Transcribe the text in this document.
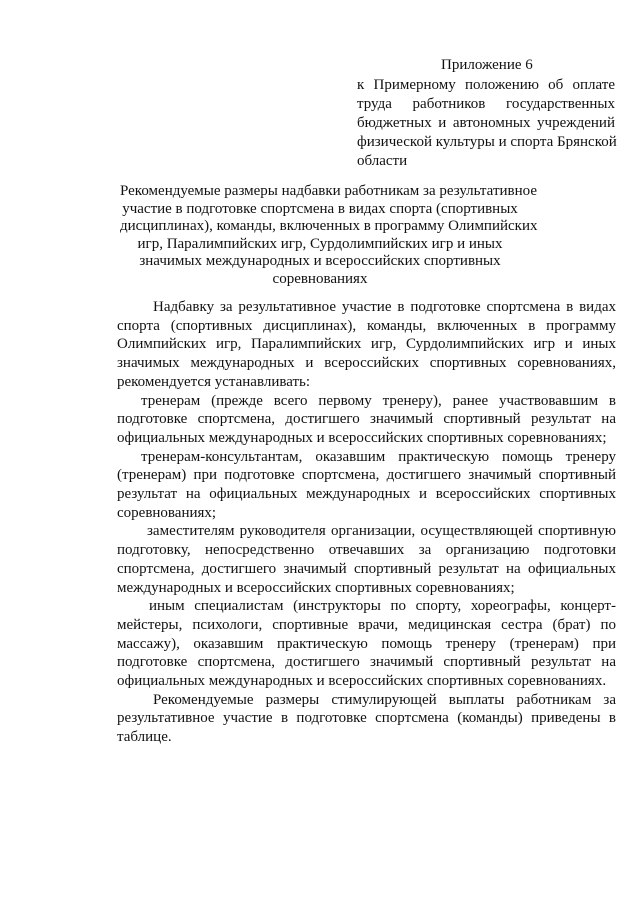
Приложение 6
к Примерному положению об оплате
труда работников государственных
бюджетных и автономных учреждений
физической культуры и спорта Брянской
области
Рекомендуемые размеры надбавки работникам за результативное
участие в подготовке спортсмена в видах спорта (спортивных
дисциплинах), команды, включенных в программу Олимпийских
игр, Паралимпийских игр, Сурдолимпийских игр и иных
значимых международных и всероссийских спортивных
соревнованиях
Надбавку за результативное участие в подготовке спортсмена в видах
спорта (спортивных дисциплинах), команды, включенных в программу
Олимпийских игр, Паралимпийских игр, Сурдолимпийских игр и иных
значимых международных и всероссийских спортивных соревнованиях,
рекомендуется устанавливать:
тренерам (прежде всего первому тренеру), ранее участвовавшим в
подготовке спортсмена, достигшего значимый спортивный результат на
официальных международных и всероссийских спортивных соревнованиях;
тренерам-консультантам, оказавшим практическую помощь тренеру
(тренерам) при подготовке спортсмена, достигшего значимый спортивный
результат на официальных международных и всероссийских спортивных
соревнованиях;
заместителям руководителя организации, осуществляющей спортивную
подготовку, непосредственно отвечавших за организацию подготовки
спортсмена, достигшего значимый спортивный результат на официальных
международных и всероссийских спортивных соревнованиях;
иным специалистам (инструкторы по спорту, хореографы, концерт-
мейстеры, психологи, спортивные врачи, медицинская сестра (брат) по
массажу), оказавшим практическую помощь тренеру (тренерам) при
подготовке спортсмена, достигшего значимый спортивный результат на
официальных международных и всероссийских спортивных соревнованиях.
Рекомендуемые размеры стимулирующей выплаты работникам за
результативное участие в подготовке спортсмена (команды) приведены в
таблице.
